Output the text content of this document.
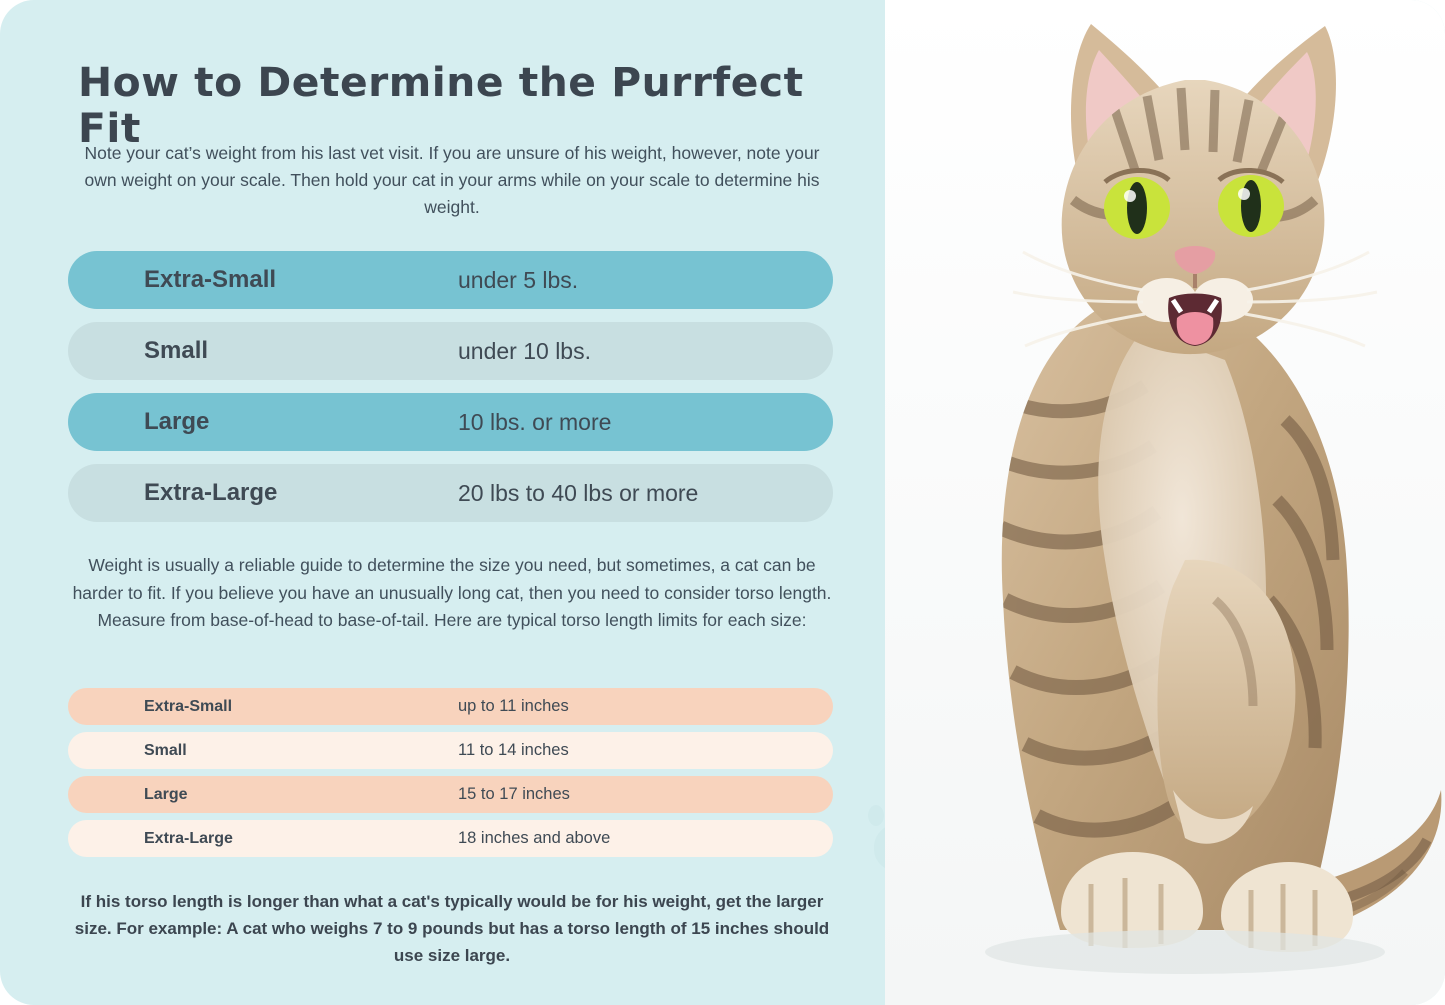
How to Determine the Purrfect Fit
Note your cat’s weight from his last vet visit. If you are unsure of his weight, however, note your own weight on your scale. Then hold your cat in your arms while on your scale to determine his weight.
Extra-Small	under 5 lbs.
Small	under 10 lbs.
Large	10 lbs. or more
Extra-Large	20 lbs to 40 lbs or more
Weight is usually a reliable guide to determine the size you need, but sometimes, a cat can be harder to fit. If you believe you have an unusually long cat, then you need to consider torso length. Measure from base-of-head to base-of-tail. Here are typical torso length limits for each size:
Extra-Small	up to 11 inches
Small	11 to 14 inches
Large	15 to 17 inches
Extra-Large	18 inches and above
If his torso length is longer than what a cat's typically would be for his weight, get the larger size. For example: A cat who weighs 7 to 9 pounds but has a torso length of 15 inches should use size large.
